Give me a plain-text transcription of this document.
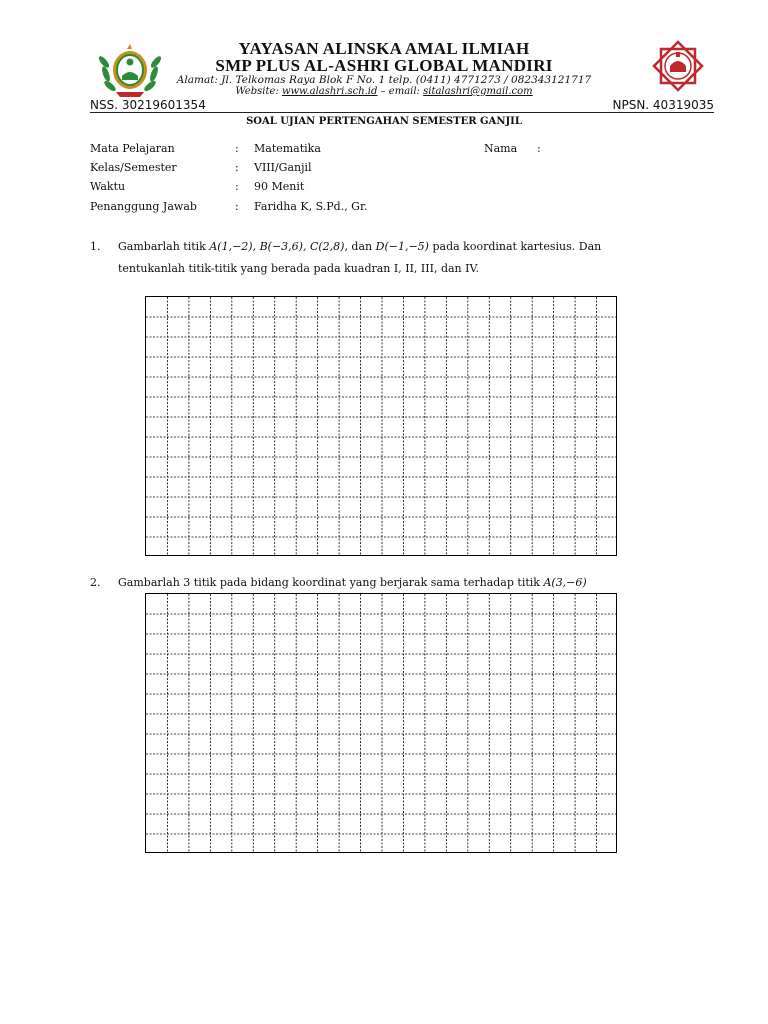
YAYASAN ALINSKA AMAL ILMIAH
SMP PLUS AL-ASHRI GLOBAL MANDIRI
Alamat: Jl. Telkomas Raya Blok F No. 1 telp. (0411) 4771273 / 082343121717
Website: www.alashri.sch.id – email: sitalashri@gmail.com
NSS. 30219601354	NPSN. 40319035
SOAL UJIAN PERTENGAHAN SEMESTER GANJIL
Mata Pelajaran	: Matematika	Nama :
Kelas/Semester	: VIII/Ganjil
Waktu	: 90 Menit
Penanggung Jawab	: Faridha K, S.Pd., Gr.
1. Gambarlah titik A(1,−2), B(−3,6), C(2,8), dan D(−1,−5) pada koordinat kartesius. Dan
tentukanlah titik-titik yang berada pada kuadran I, II, III, dan IV.
2. Gambarlah 3 titik pada bidang koordinat yang berjarak sama terhadap titik A(3,−6)
